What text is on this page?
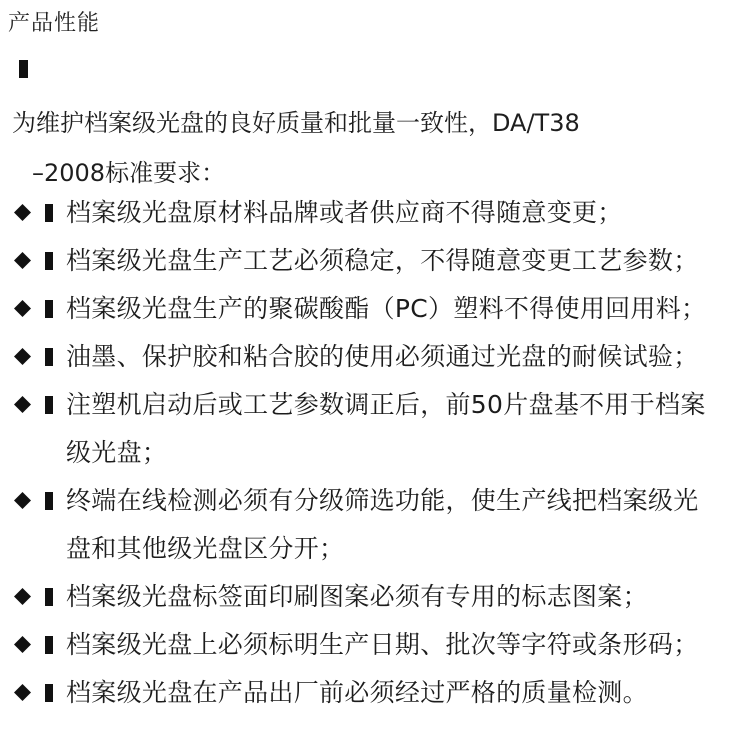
产品性能
为维护档案级光盘的良好质量和批量一致性，DA/T38
–2008标准要求：
档案级光盘原材料品牌或者供应商不得随意变更；
档案级光盘生产工艺必须稳定，不得随意变更工艺参数；
档案级光盘生产的聚碳酸酯（PC）塑料不得使用回用料；
油墨、保护胶和粘合胶的使用必须通过光盘的耐候试验；
注塑机启动后或工艺参数调正后，前50片盘基不用于档案
级光盘；
终端在线检测必须有分级筛选功能，使生产线把档案级光
盘和其他级光盘区分开；
档案级光盘标签面印刷图案必须有专用的标志图案；
档案级光盘上必须标明生产日期、批次等字符或条形码；
档案级光盘在产品出厂前必须经过严格的质量检测。
